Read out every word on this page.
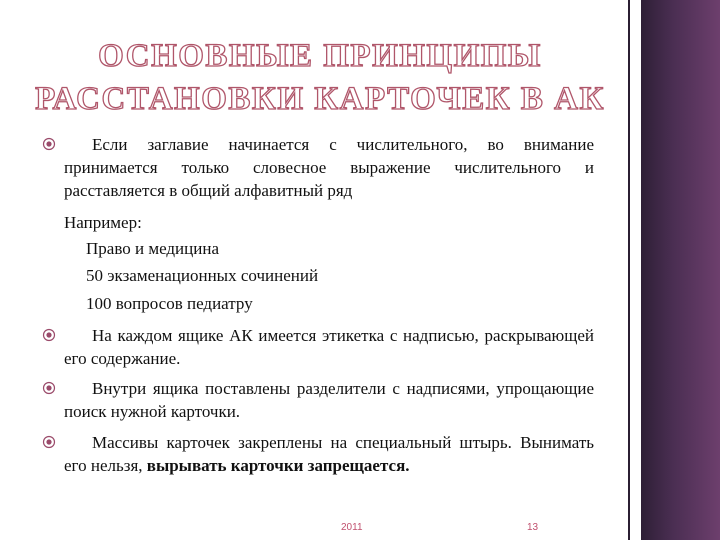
ОСНОВНЫЕ ПРИНЦИПЫ
РАССТАНОВКИ КАРТОЧЕК В АК

Если заглавие начинается с числительного, во внимание принимается только словесное выражение числительного и расставляется в общий алфавитный ряд

Например:
Право и медицина
50 экзаменационных сочинений
100 вопросов педиатру

На каждом ящике АК имеется этикетка с надписью, раскрывающей его содержание.

Внутри ящика поставлены разделители с надписями, упрощающие поиск нужной карточки.

Массивы карточек закреплены на специальный штырь. Вынимать его нельзя, вырывать карточки запрещается.

2011	13
